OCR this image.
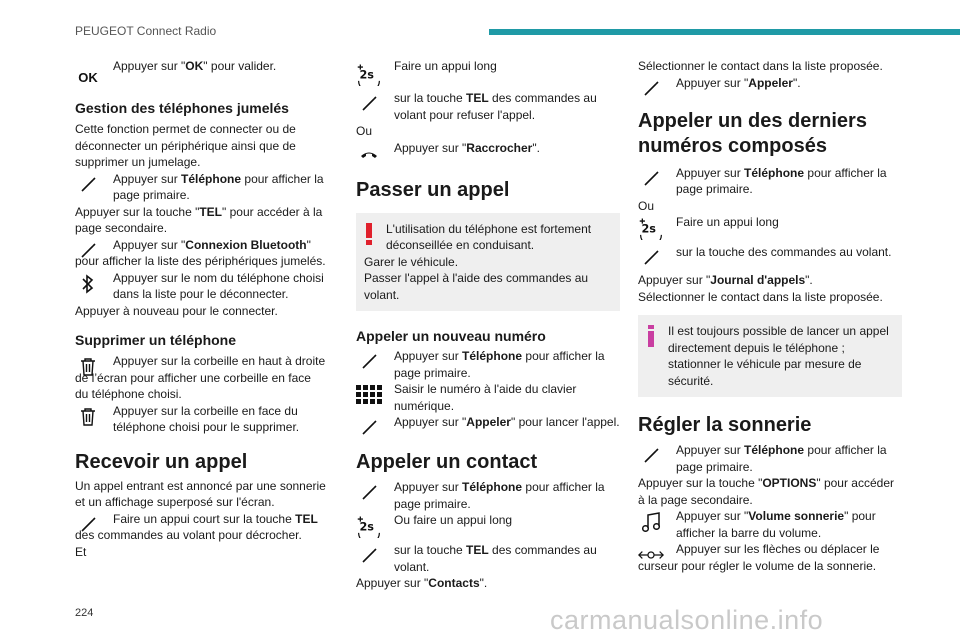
PEUGEOT Connect Radio
OK
Appuyer sur "OK" pour valider.
Gestion des téléphones jumelés

Cette fonction permet de connecter ou de déconnecter un périphérique ainsi que de supprimer un jumelage.

Appuyer sur Téléphone pour afficher la page primaire.

Appuyer sur la touche "TEL" pour accéder à la page secondaire.

Appuyer sur "Connexion Bluetooth" pour afficher la liste des périphériques jumelés.
Appuyer sur le nom du téléphone choisi dans la liste pour le déconnecter.

Appuyer à nouveau pour le connecter.

Supprimer un téléphone
Appuyer sur la corbeille en haut à droite de l’écran pour afficher une corbeille en face du téléphone choisi.
Appuyer sur la corbeille en face du téléphone choisi pour le supprimer.
Recevoir un appel

Un appel entrant est annoncé par une sonnerie et un affichage superposé sur l'écran.

Faire un appui court sur la touche TEL des commandes au volant pour décrocher.

Et

2s
Faire un appui long
sur la touche TEL des commandes au volant pour refuser l'appel.

Ou

Appuyer sur "Raccrocher".
Passer un appel
L'utilisation du téléphone est fortement déconseillée en conduisant.
Garer le véhicule.
Passer l'appel à l'aide des commandes au volant.
Appeler un nouveau numéro
Appuyer sur Téléphone pour afficher la page primaire.
Saisir le numéro à l'aide du clavier numérique.
Appuyer sur "Appeler" pour lancer l'appel.
Appeler un contact
Appuyer sur Téléphone pour afficher la page primaire.
2s Ou faire un appui long
sur la touche TEL des commandes au volant.

Appuyer sur "Contacts".

Sélectionner le contact dans la liste proposée.

Appuyer sur "Appeler".
Appeler un des derniers numéros composés
Appuyer sur Téléphone pour afficher la page primaire.

Ou

2s Faire un appui long
sur la touche des commandes au volant.

Appuyer sur "Journal d'appels".

Sélectionner le contact dans la liste proposée.

Il est toujours possible de lancer un appel directement depuis le téléphone ; stationner le véhicule par mesure de sécurité.
Régler la sonnerie
Appuyer sur Téléphone pour afficher la page primaire.

Appuyer sur la touche "OPTIONS" pour accéder à la page secondaire.

Appuyer sur "Volume sonnerie" pour afficher la barre du volume.
Appuyer sur les flèches ou déplacer le curseur pour régler le volume de la sonnerie.
224	carmanualsonline.info
